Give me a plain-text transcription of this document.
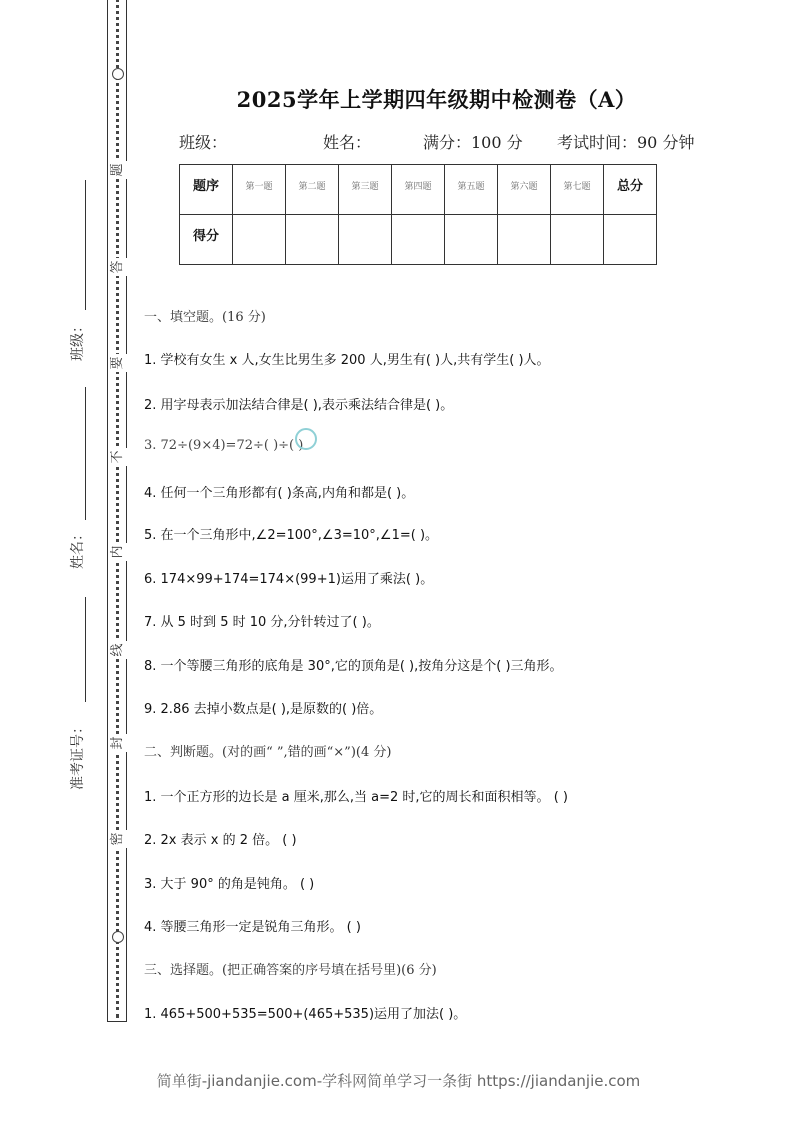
题
答
要
不
内
线
封
密
班级：
姓名：
准考证号：
2025学年上学期四年级期中检测卷（A）
班级：	姓名：	满分：100 分 考试时间：90 分钟
题序	第一题	第二题	第三题	第四题	第五题	第六题	第七题	总分
得分								
一、填空题。(16 分)
1. 学校有女生 x 人,女生比男生多 200 人,男生有( )人,共有学生( )人。
2. 用字母表示加法结合律是( ),表示乘法结合律是( )。
3. 72÷(9×4)=72÷( )÷( )
4. 任何一个三角形都有( )条高,内角和都是( )。
5. 在一个三角形中,∠2=100°,∠3=10°,∠1=( )。
6. 174×99+174=174×(99+1)运用了乘法( )。
7. 从 5 时到 5 时 10 分,分针转过了( )。
8. 一个等腰三角形的底角是 30°,它的顶角是( ),按角分这是个( )三角形。
9. 2.86 去掉小数点是( ),是原数的( )倍。
二、判断题。(对的画“ ”,错的画“×”)(4 分)
1. 一个正方形的边长是 a 厘米,那么,当 a=2 时,它的周长和面积相等。 ( )
2. 2x 表示 x 的 2 倍。 ( )
3. 大于 90° 的角是钝角。 ( )
4. 等腰三角形一定是锐角三角形。 ( )
三、选择题。(把正确答案的序号填在括号里)(6 分)
1. 465+500+535=500+(465+535)运用了加法( )。
简单街-jiandanjie.com-学科网简单学习一条街 https://jiandanjie.com
